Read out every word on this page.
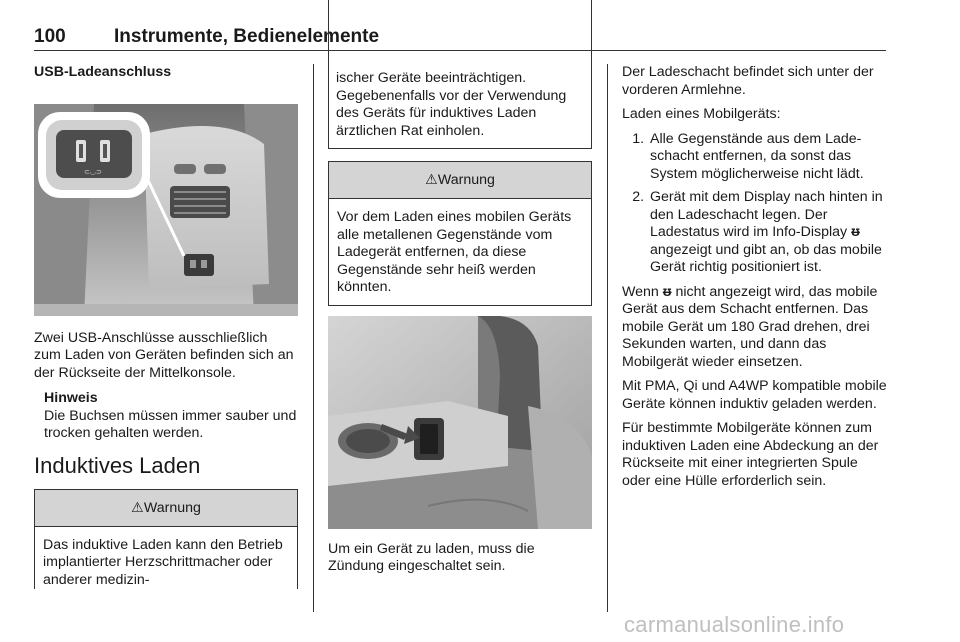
100	Instrumente, Bedienelemente
USB-Ladeanschluss
⊂◡⊃

Zwei USB-Anschlüsse ausschließlich zum Laden von Geräten befinden sich an der Rückseite der Mittelkonsole.

Hinweis
Die Buchsen müssen immer sauber und trocken gehalten werden.
Induktives Laden
⚠Warnung
Das induktive Laden kann den Betrieb implantierter Herzschrittmacher oder anderer medizin-
ischer Geräte beeinträchtigen. Gegebenenfalls vor der Verwendung des Geräts für induktives Laden ärztlichen Rat einholen.
⚠Warnung
Vor dem Laden eines mobilen Geräts alle metallenen Gegenstände vom Ladegerät entfernen, da diese Gegenstände sehr heiß werden könnten.

Um ein Gerät zu laden, muss die Zündung eingeschaltet sein.

Der Ladeschacht befindet sich unter der vorderen Armlehne.

Laden eines Mobilgeräts:

1. Alle Gegenstände aus dem Ladeschacht entfernen, da sonst das System möglicherweise nicht lädt.
2. Gerät mit dem Display nach hinten in den Ladeschacht legen. Der Ladestatus wird im Info-Display ᵿ angezeigt und gibt an, ob das mobile Gerät richtig positioniert ist.

Wenn ᵿ nicht angezeigt wird, das mobile Gerät aus dem Schacht entfernen. Das mobile Gerät um 180 Grad drehen, drei Sekunden warten, und dann das Mobilgerät wieder einsetzen.

Mit PMA, Qi und A4WP kompatible mobile Geräte können induktiv geladen werden.

Für bestimmte Mobilgeräte können zum induktiven Laden eine Abdeckung an der Rückseite mit einer integrierten Spule oder eine Hülle erforderlich sein.

carmanualsonline.info
